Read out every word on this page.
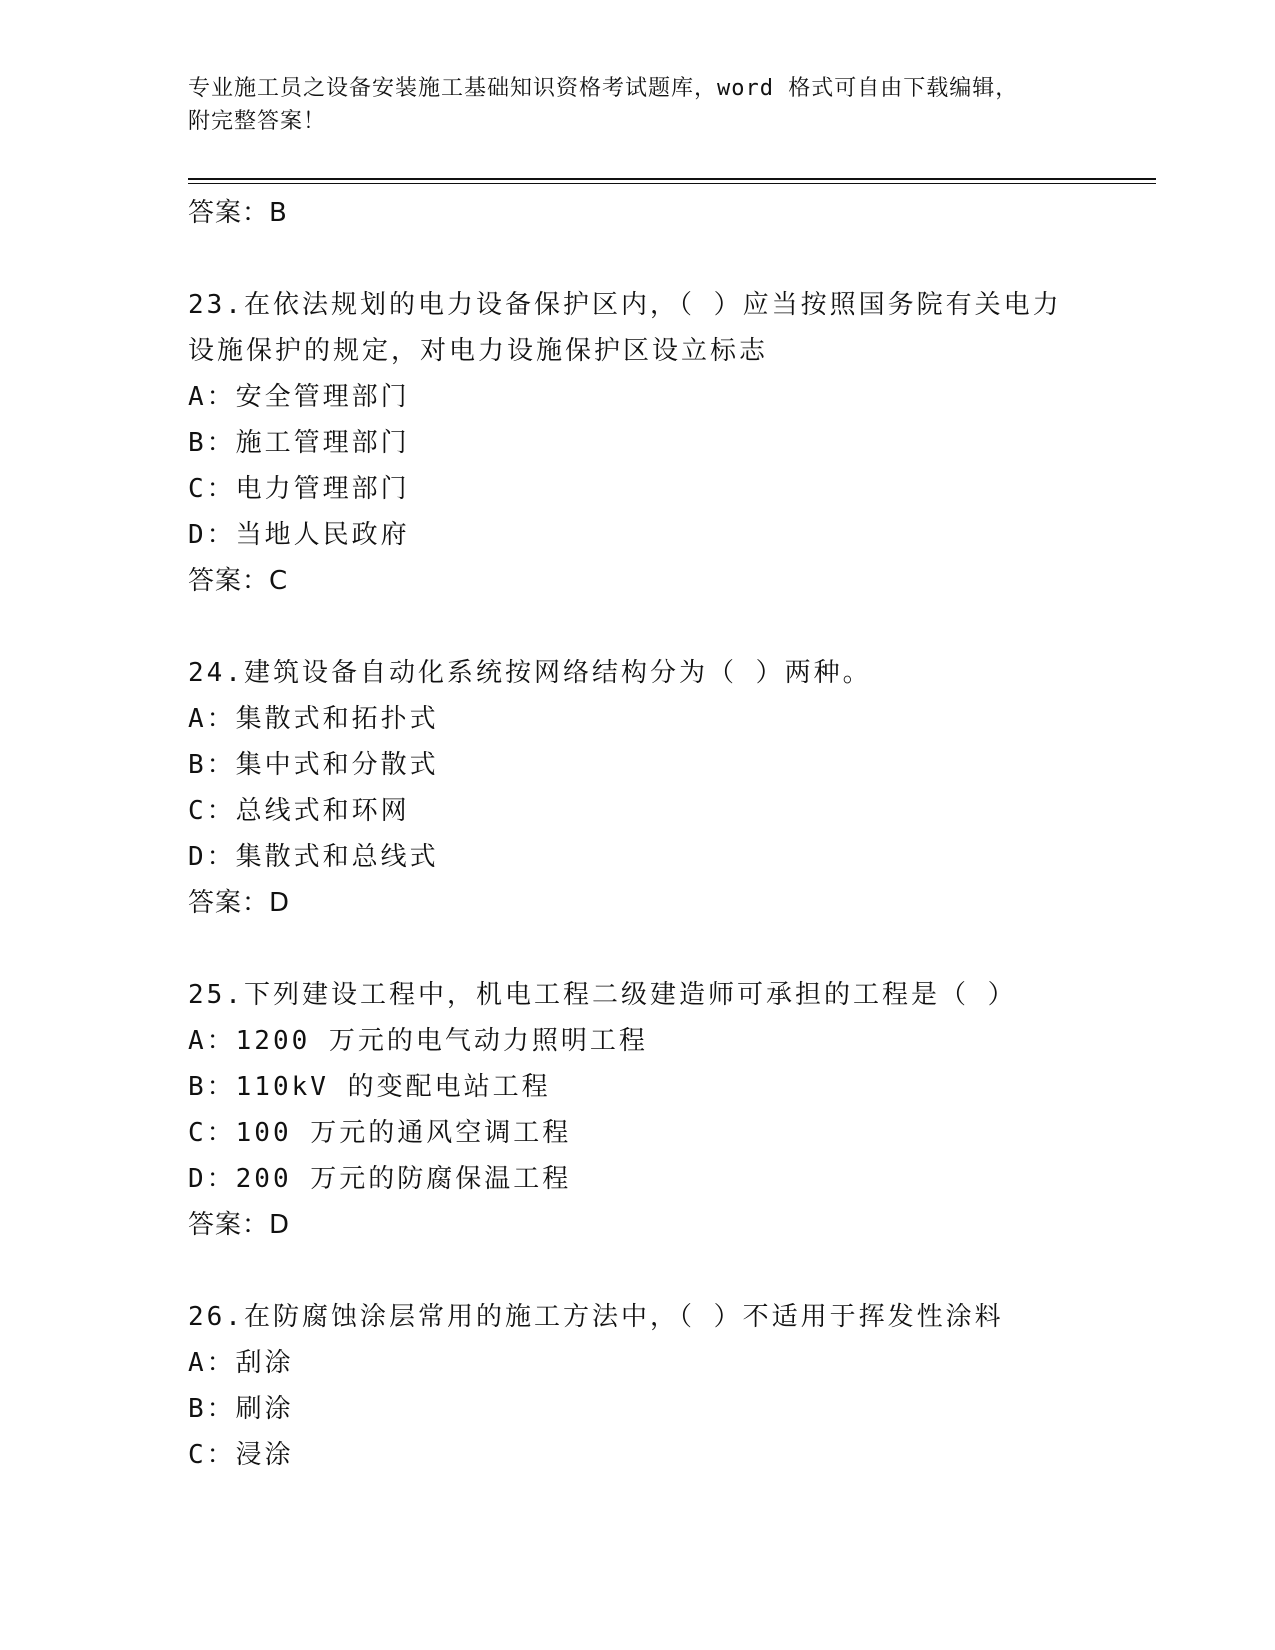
专业施工员之设备安装施工基础知识资格考试题库，word 格式可自由下载编辑，
附完整答案！
答案：B
23.在依法规划的电力设备保护区内，（ ）应当按照国务院有关电力
设施保护的规定，对电力设施保护区设立标志
A：安全管理部门
B：施工管理部门
C：电力管理部门
D：当地人民政府
答案：C
24.建筑设备自动化系统按网络结构分为（ ）两种。
A：集散式和拓扑式
B：集中式和分散式
C：总线式和环网
D：集散式和总线式
答案：D
25.下列建设工程中，机电工程二级建造师可承担的工程是（ ）
A：1200 万元的电气动力照明工程
B：110kV 的变配电站工程
C：100 万元的通风空调工程
D：200 万元的防腐保温工程
答案：D
26.在防腐蚀涂层常用的施工方法中，（ ）不适用于挥发性涂料
A：刮涂
B：刷涂
C：浸涂
